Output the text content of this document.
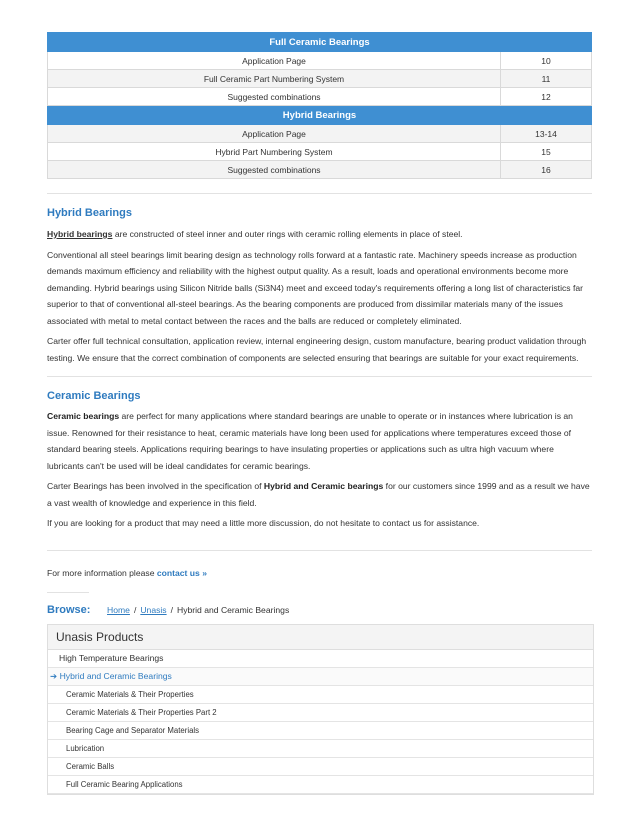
Full Ceramic Bearings	
Application Page	10
Full Ceramic Part Numbering System	11
Suggested combinations	12
Hybrid Bearings	
Application Page	13-14
Hybrid Part Numbering System	15
Suggested combinations	16
Hybrid Bearings

Hybrid bearings are constructed of steel inner and outer rings with ceramic rolling elements in place of steel.

Conventional all steel bearings limit bearing design as technology rolls forward at a fantastic rate. Machinery speeds increase as production demands maximum efficiency and reliability with the highest output quality. As a result, loads and operational environments become more demanding. Hybrid bearings using Silicon Nitride balls (Si3N4) meet and exceed today's requirements offering a long list of characteristics far superior to that of conventional all-steel bearings. As the bearing components are produced from dissimilar materials many of the issues associated with metal to metal contact between the races and the balls are reduced or completely eliminated.

Carter offer full technical consultation, application review, internal engineering design, custom manufacture, bearing product validation through testing. We ensure that the correct combination of components are selected ensuring that bearings are suitable for your exact requirements.

Ceramic Bearings

Ceramic bearings are perfect for many applications where standard bearings are unable to operate or in instances where lubrication is an issue. Renowned for their resistance to heat, ceramic materials have long been used for applications where temperatures exceed those of standard bearing steels. Applications requiring bearings to have insulating properties or applications such as ultra high vacuum where lubricants can't be used will be ideal candidates for ceramic bearings.

Carter Bearings has been involved in the specification of Hybrid and Ceramic bearings for our customers since 1999 and as a result we have a vast wealth of knowledge and experience in this field.

If you are looking for a product that may need a little more discussion, do not hesitate to contact us for assistance.

For more information please contact us »

Browse:	Home / Unasis / Hybrid and Ceramic Bearings
Unasis Products
High Temperature Bearings
➔ Hybrid and Ceramic Bearings
Ceramic Materials & Their Properties
Ceramic Materials & Their Properties Part 2
Bearing Cage and Separator Materials
Lubrication
Ceramic Balls
Full Ceramic Bearing Applications
